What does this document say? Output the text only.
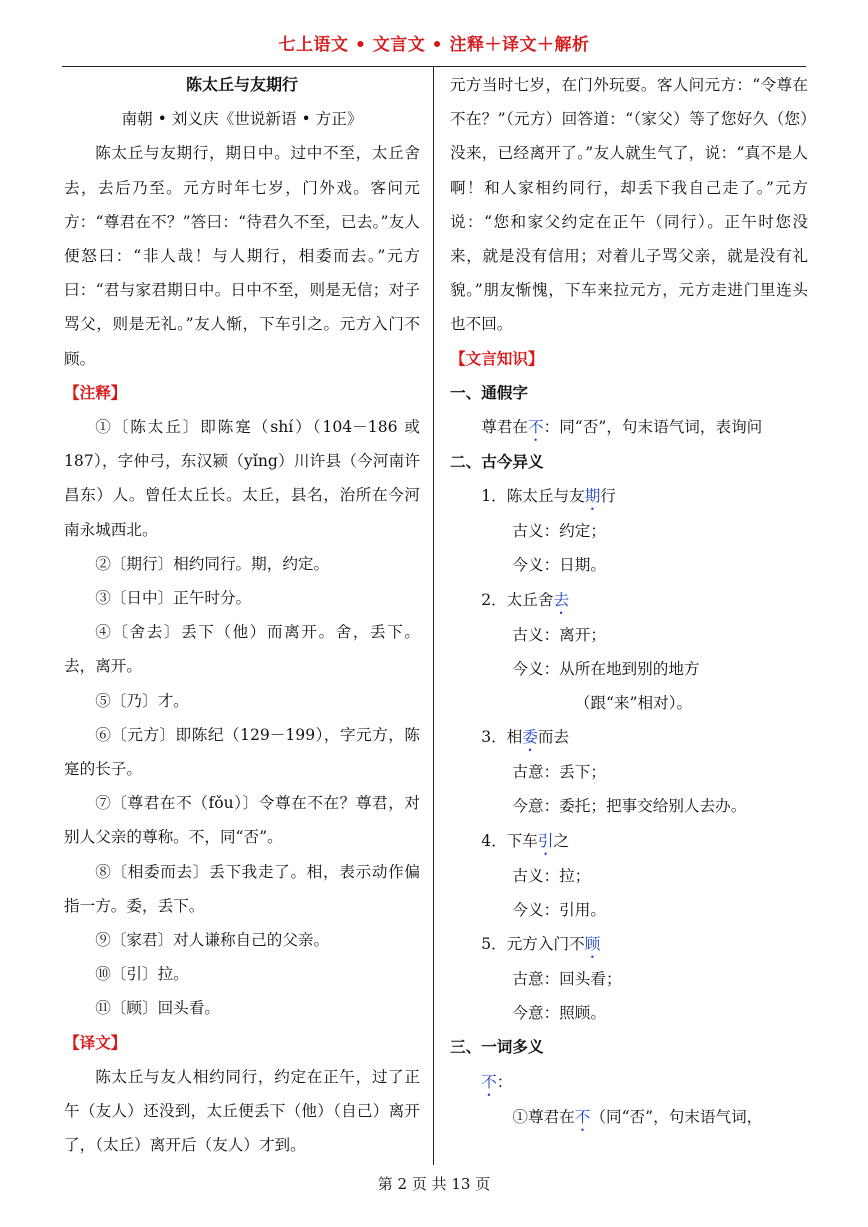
七上语文 • 文言文 • 注释＋译文＋解析

陈太丘与友期行

南朝 • 刘义庆《世说新语 • 方正》

陈太丘与友期行，期日中。过中不至，太丘舍去，去后乃至。元方时年七岁，门外戏。客问元方：“尊君在不？”答曰：“待君久不至，已去。”友人便怒曰：“非人哉！与人期行，相委而去。”元方曰：“君与家君期日中。日中不至，则是无信；对子骂父，则是无礼。”友人惭，下车引之。元方入门不顾。

【注释】

①〔陈太丘〕即陈寔（shí）（104－186 或 187），字仲弓，东汉颍（yǐng）川许县（今河南许昌东）人。曾任太丘长。太丘，县名，治所在今河南永城西北。

②〔期行〕相约同行。期，约定。

③〔日中〕正午时分。

④〔舍去〕丢下（他）而离开。舍，丢下。去，离开。

⑤〔乃〕才。

⑥〔元方〕即陈纪（129－199），字元方，陈寔的长子。

⑦〔尊君在不（fǒu）〕令尊在不在？尊君，对别人父亲的尊称。不，同“否”。

⑧〔相委而去〕丢下我走了。相，表示动作偏指一方。委，丢下。

⑨〔家君〕对人谦称自己的父亲。

⑩〔引〕拉。

⑪〔顾〕回头看。

【译文】

陈太丘与友人相约同行，约定在正午，过了正午（友人）还没到，太丘便丢下（他）（自己）离开了，（太丘）离开后（友人）才到。

元方当时七岁，在门外玩耍。客人问元方：“令尊在不在？”（元方）回答道：“（家父）等了您好久（您）没来，已经离开了。”友人就生气了，说：“真不是人啊！和人家相约同行，却丢下我自己走了。”元方说：“您和家父约定在正午（同行）。正午时您没来，就是没有信用；对着儿子骂父亲，就是没有礼貌。”朋友惭愧，下车来拉元方，元方走进门里连头也不回。

【文言知识】

一、通假字

尊君在不：同“否”，句末语气词，表询问

二、古今异义

1．陈太丘与友期行

古义：约定；

今义：日期。

2．太丘舍去

古义：离开；

今义：从所在地到别的地方

（跟“来”相对）。

3．相委而去

古意：丢下；

今意：委托；把事交给别人去办。

4．下车引之

古义：拉；

今义：引用。

5．元方入门不顾

古意：回头看；

今意：照顾。

三、一词多义

不：

①尊君在不（同“否”，句末语气词，

第 2 页 共 13 页
